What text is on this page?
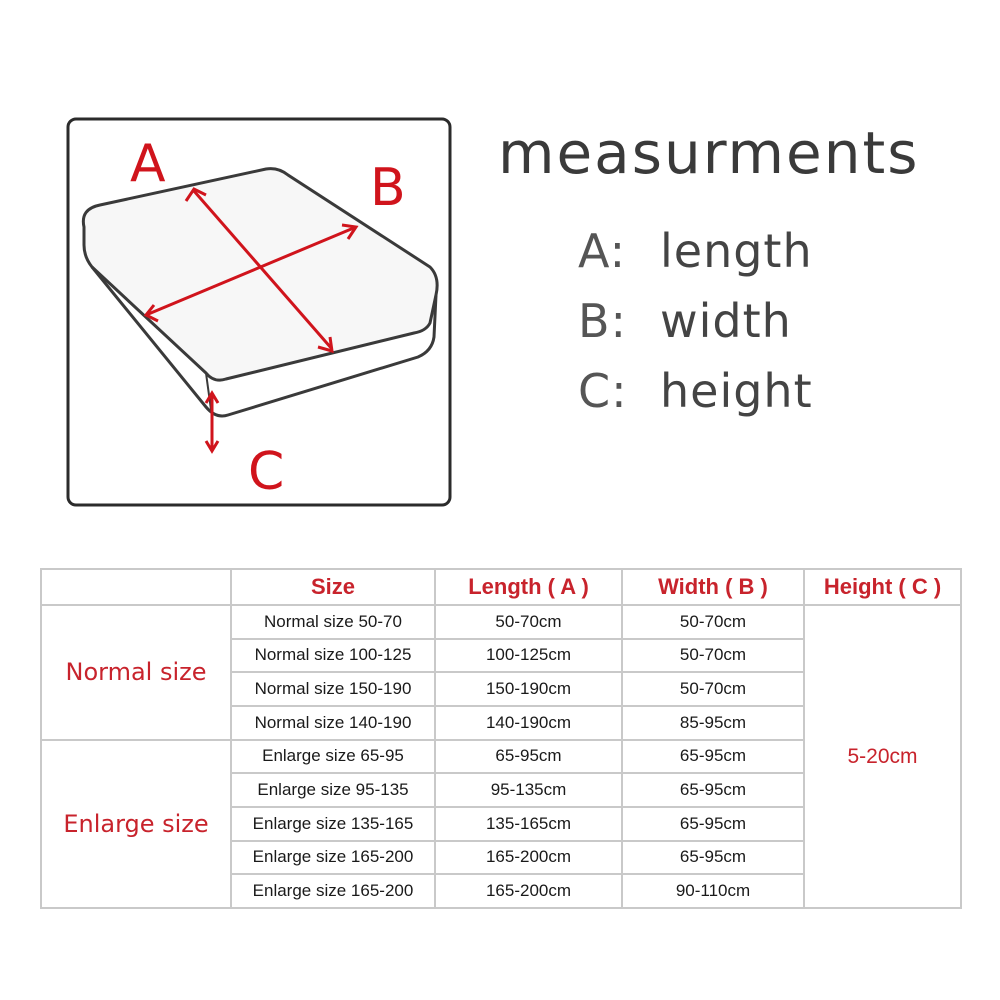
A	B
C
measurments
A: length
B: width
C: height
	Size	Length ( A )	Width ( B )	Height ( C )
Normal size	Normal size 50-70	50-70cm	50-70cm	5-20cm
	Normal size 100-125	100-125cm	50-70cm	
	Normal size 150-190	150-190cm	50-70cm	
	Normal size 140-190	140-190cm	85-95cm	
Enlarge size	Enlarge size 65-95	65-95cm	65-95cm	
	Enlarge size 95-135	95-135cm	65-95cm	
	Enlarge size 135-165	135-165cm	65-95cm	
	Enlarge size 165-200	165-200cm	65-95cm	
	Enlarge size 165-200	165-200cm	90-110cm	
